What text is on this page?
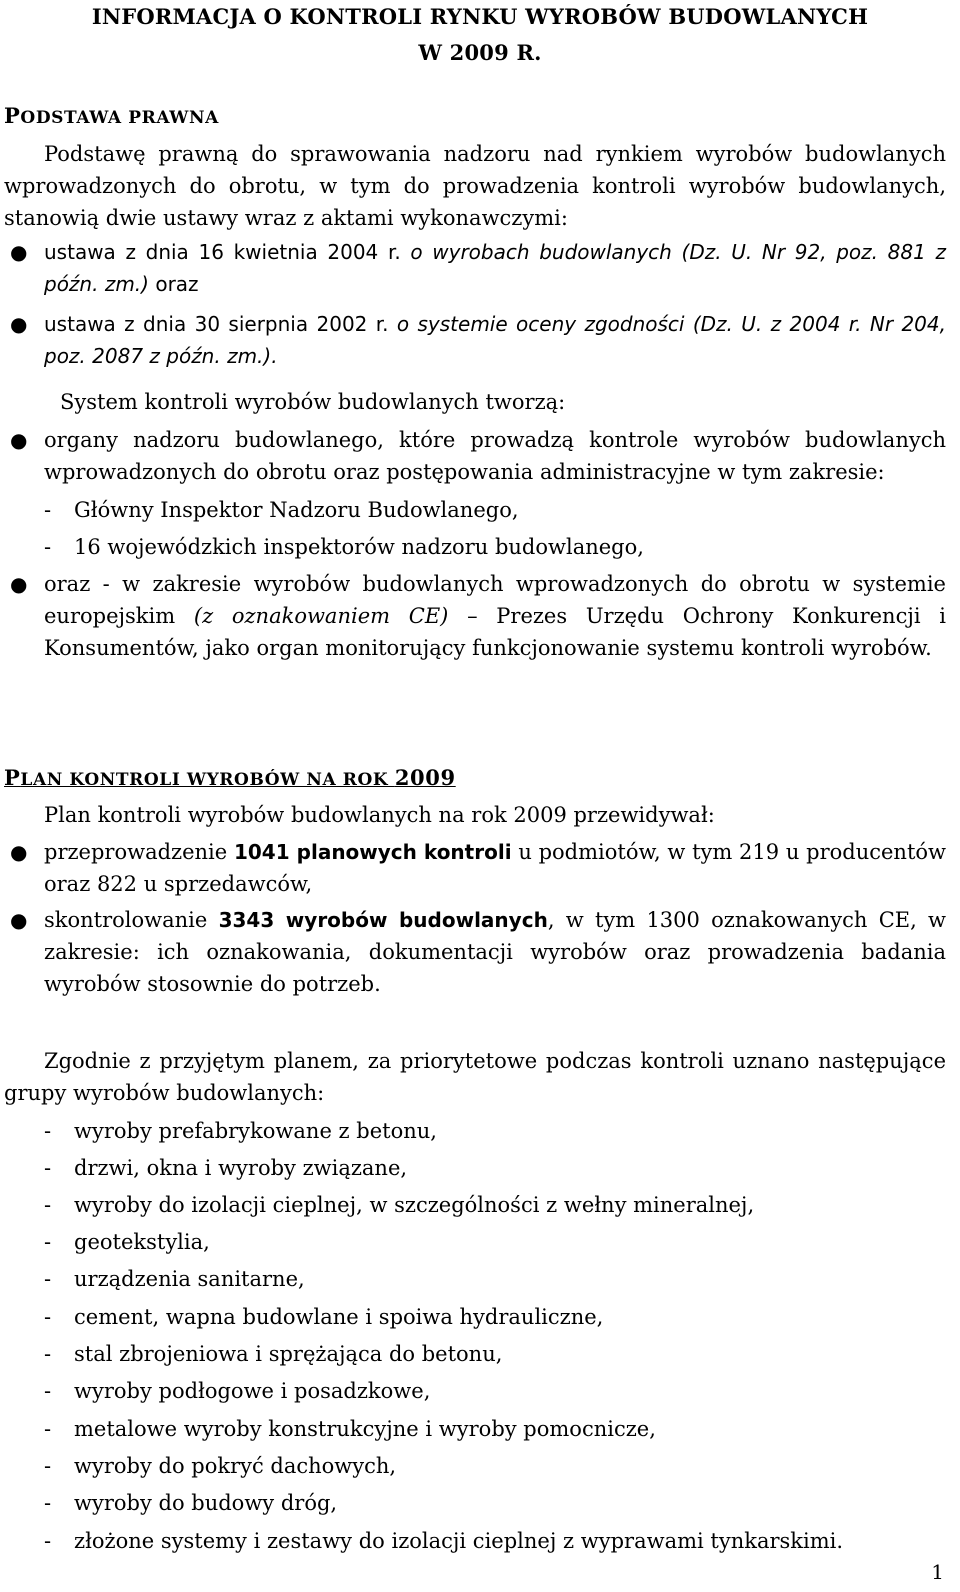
INFORMACJA O KONTROLI RYNKU WYROBÓW BUDOWLANYCH
W 2009 R.
PODSTAWA PRAWNA
Podstawę prawną do sprawowania nadzoru nad rynkiem wyrobów budowlanych wprowadzonych do obrotu, w tym do prowadzenia kontroli wyrobów budowlanych, stanowią dwie ustawy wraz z aktami wykonawczymi:
● ustawa z dnia 16 kwietnia 2004 r. o wyrobach budowlanych (Dz. U. Nr 92, poz. 881 z późn. zm.) oraz
● ustawa z dnia 30 sierpnia 2002 r. o systemie oceny zgodności (Dz. U. z 2004 r. Nr 204, poz. 2087 z późn. zm.).
System kontroli wyrobów budowlanych tworzą:
● organy nadzoru budowlanego, które prowadzą kontrole wyrobów budowlanych wprowadzonych do obrotu oraz postępowania administracyjne w tym zakresie:
- Główny Inspektor Nadzoru Budowlanego,
- 16 wojewódzkich inspektorów nadzoru budowlanego,
● oraz - w zakresie wyrobów budowlanych wprowadzonych do obrotu w systemie europejskim (z oznakowaniem CE) – Prezes Urzędu Ochrony Konkurencji i Konsumentów, jako organ monitorujący funkcjonowanie systemu kontroli wyrobów.
PLAN KONTROLI WYROBÓW NA ROK 2009
Plan kontroli wyrobów budowlanych na rok 2009 przewidywał:
● przeprowadzenie 1041 planowych kontroli u podmiotów, w tym 219 u producentów oraz 822 u sprzedawców,
● skontrolowanie 3343 wyrobów budowlanych, w tym 1300 oznakowanych CE, w zakresie: ich oznakowania, dokumentacji wyrobów oraz prowadzenia badania wyrobów stosownie do potrzeb.
Zgodnie z przyjętym planem, za priorytetowe podczas kontroli uznano następujące grupy wyrobów budowlanych:
- wyroby prefabrykowane z betonu,
- drzwi, okna i wyroby związane,
- wyroby do izolacji cieplnej, w szczególności z wełny mineralnej,
- geotekstylia,
- urządzenia sanitarne,
- cement, wapna budowlane i spoiwa hydrauliczne,
- stal zbrojeniowa i sprężająca do betonu,
- wyroby podłogowe i posadzkowe,
- metalowe wyroby konstrukcyjne i wyroby pomocnicze,
- wyroby do pokryć dachowych,
- wyroby do budowy dróg,
- złożone systemy i zestawy do izolacji cieplnej z wyprawami tynkarskimi.
1
